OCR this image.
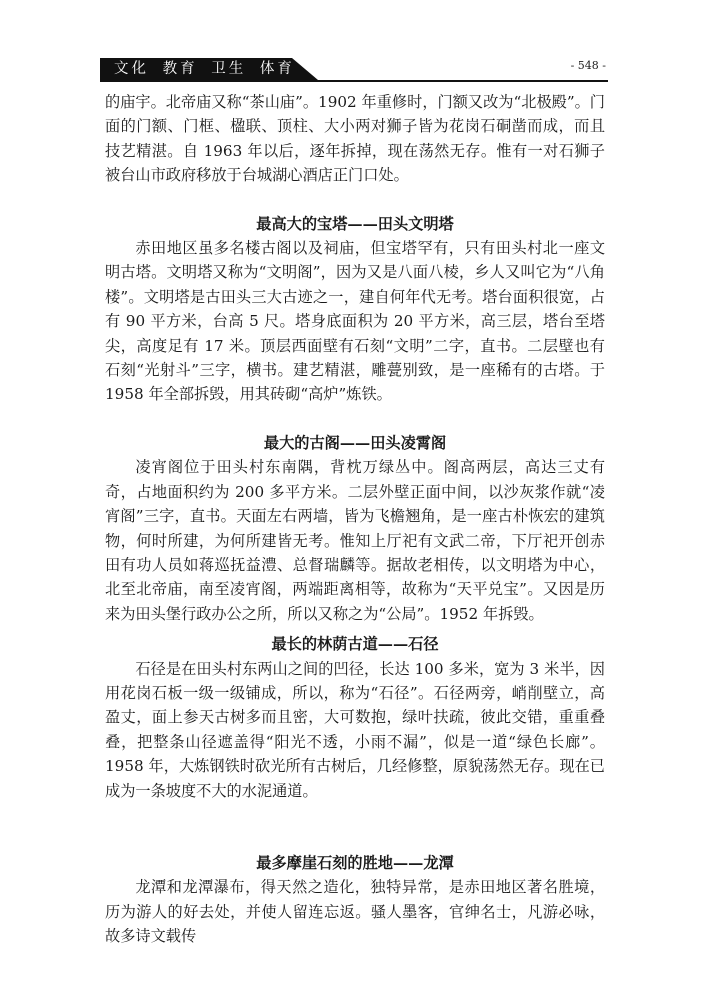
文化 教育 卫生 体育	- 548 -

的庙宇。北帝庙又称“茶山庙”。1902 年重修时，门额又改为“北极殿”。门面的门额、门框、楹联、顶柱、大小两对狮子皆为花岗石硐凿而成，而且技艺精湛。自 1963 年以后，逐年拆掉，现在荡然无存。惟有一对石狮子被台山市政府移放于台城湖心酒店正门口处。

最高大的宝塔——田头文明塔

赤田地区虽多名楼古阁以及祠庙，但宝塔罕有，只有田头村北一座文明古塔。文明塔又称为“文明阁”，因为又是八面八棱，乡人又叫它为“八角楼”。文明塔是古田头三大古迹之一，建自何年代无考。塔台面积很宽，占有 90 平方米，台高 5 尺。塔身底面积为 20 平方米，高三层，塔台至塔尖，高度足有 17 米。顶层西面壁有石刻“文明”二字，直书。二层壁也有石刻“光射斗”三字，横书。建艺精湛，雕甍别致，是一座稀有的古塔。于 1958 年全部拆毁，用其砖砌“高炉”炼铁。

最大的古阁——田头凌霄阁

凌宵阁位于田头村东南隅，背枕万绿丛中。阁高两层，高达三丈有奇，占地面积约为 200 多平方米。二层外壁正面中间，以沙灰浆作就“凌宵阁”三字，直书。天面左右两墙，皆为飞檐翘角，是一座古朴恢宏的建筑物，何时所建，为何所建皆无考。惟知上厅祀有文武二帝，下厅祀开创赤田有功人员如蒋巡抚益澧、总督瑞麟等。据故老相传，以文明塔为中心，北至北帝庙，南至凌宵阁，两端距离相等，故称为“天平兑宝”。又因是历来为田头堡行政办公之所，所以又称之为“公局”。1952 年拆毁。

最长的林荫古道——石径

石径是在田头村东两山之间的凹径，长达 100 多米，宽为 3 米半，因用花岗石板一级一级铺成，所以，称为“石径”。石径两旁，峭削壁立，高盈丈，面上参天古树多而且密，大可数抱，绿叶扶疏，彼此交错，重重叠叠，把整条山径遮盖得“阳光不透，小雨不漏”，似是一道“绿色长廊”。1958 年，大炼钢铁时砍光所有古树后，几经修整，原貌荡然无存。现在已成为一条坡度不大的水泥通道。

最多摩崖石刻的胜地——龙潭

龙潭和龙潭瀑布，得天然之造化，独特异常，是赤田地区著名胜境，历为游人的好去处，并使人留连忘返。骚人墨客，官绅名士，凡游必咏，故多诗文载传
